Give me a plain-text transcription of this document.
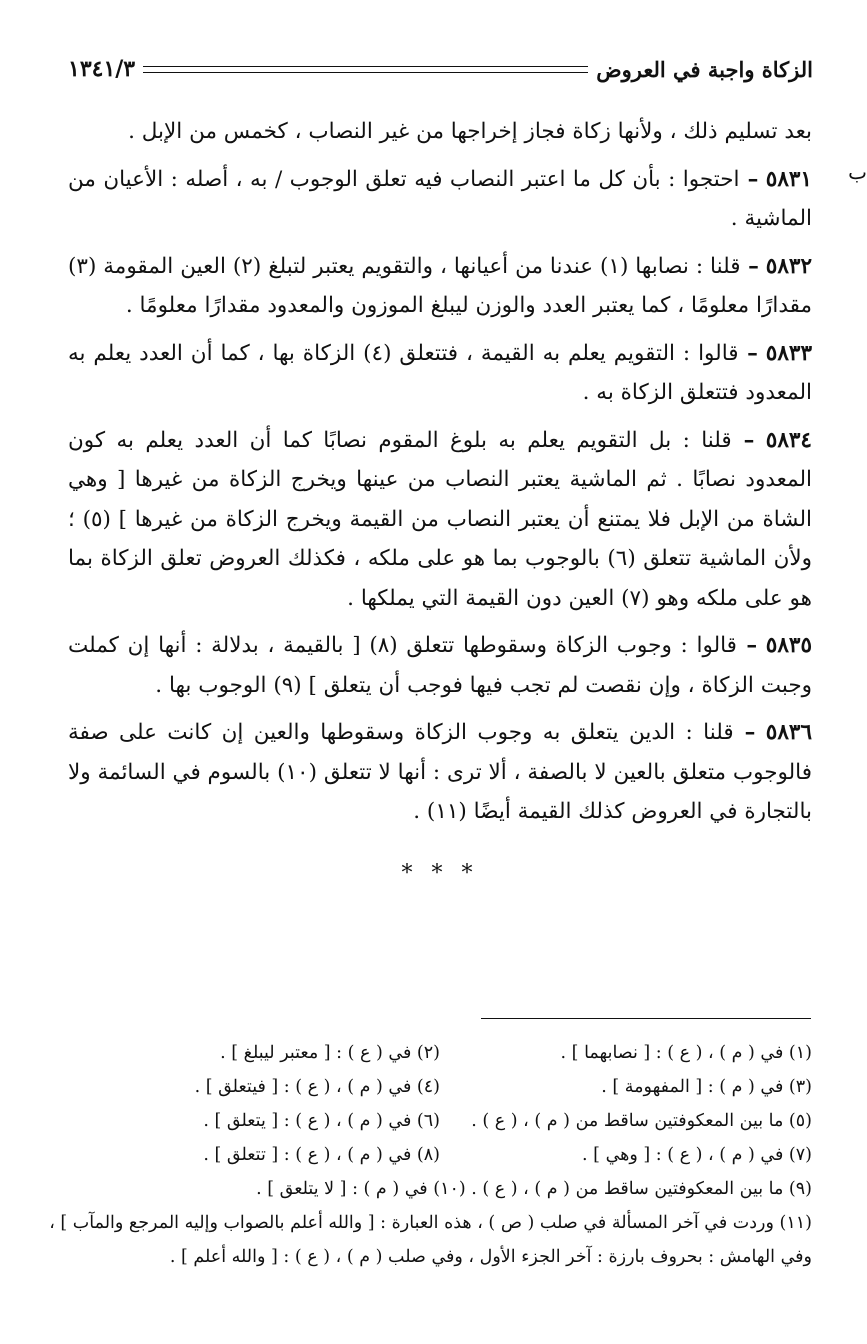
الزكاة واجبة في العروض
١٣٤١/٣
ب

بعد تسليم ذلك ، ولأنها زكاة فجاز إخراجها من غير النصاب ، كخمس من الإبل .

٥٨٣١ – احتجوا : بأن كل ما اعتبر النصاب فيه تعلق الوجوب / به ، أصله : الأعيان من الماشية .

٥٨٣٢ – قلنا : نصابها (١) عندنا من أعيانها ، والتقويم يعتبر لتبلغ (٢) العين المقومة (٣) مقدارًا معلومًا ، كما يعتبر العدد والوزن ليبلغ الموزون والمعدود مقدارًا معلومًا .

٥٨٣٣ – قالوا : التقويم يعلم به القيمة ، فتتعلق (٤) الزكاة بها ، كما أن العدد يعلم به المعدود فتتعلق الزكاة به .

٥٨٣٤ – قلنا : بل التقويم يعلم به بلوغ المقوم نصابًا كما أن العدد يعلم به كون المعدود نصابًا . ثم الماشية يعتبر النصاب من عينها ويخرج الزكاة من غيرها [ وهي الشاة من الإبل فلا يمتنع أن يعتبر النصاب من القيمة ويخرج الزكاة من غيرها ] (٥) ؛ ولأن الماشية تتعلق (٦) بالوجوب بما هو على ملكه ، فكذلك العروض تعلق الزكاة بما هو على ملكه وهو (٧) العين دون القيمة التي يملكها .

٥٨٣٥ – قالوا : وجوب الزكاة وسقوطها تتعلق (٨) [ بالقيمة ، بدلالة : أنها إن كملت وجبت الزكاة ، وإن نقصت لم تجب فيها فوجب أن يتعلق ] (٩) الوجوب بها .

٥٨٣٦ – قلنا : الدين يتعلق به وجوب الزكاة وسقوطها والعين إن كانت على صفة فالوجوب متعلق بالعين لا بالصفة ، ألا ترى : أنها لا تتعلق (١٠) بالسوم في السائمة ولا بالتجارة في العروض كذلك القيمة أيضًا (١١) .

* * *
(١) في ( م ) ، ( ع ) : [ نصابهما ] .
(٢) في ( ع ) : [ معتبر ليبلغ ] .
(٣) في ( م ) : [ المفهومة ] .
(٤) في ( م ) ، ( ع ) : [ فيتعلق ] .
(٥) ما بين المعكوفتين ساقط من ( م ) ، ( ع ) .
(٦) في ( م ) ، ( ع ) : [ يتعلق ] .
(٧) في ( م ) ، ( ع ) : [ وهي ] .
(٨) في ( م ) ، ( ع ) : [ تتعلق ] .
(٩) ما بين المعكوفتين ساقط من ( م ) ، ( ع ) . (١٠) في ( م ) : [ لا يتلعق ] .
(١١) وردت في آخر المسألة في صلب ( ص ) ، هذه العبارة : [ والله أعلم بالصواب وإليه المرجع والمآب ] ،
وفي الهامش : بحروف بارزة : آخر الجزء الأول ، وفي صلب ( م ) ، ( ع ) : [ والله أعلم ] .
